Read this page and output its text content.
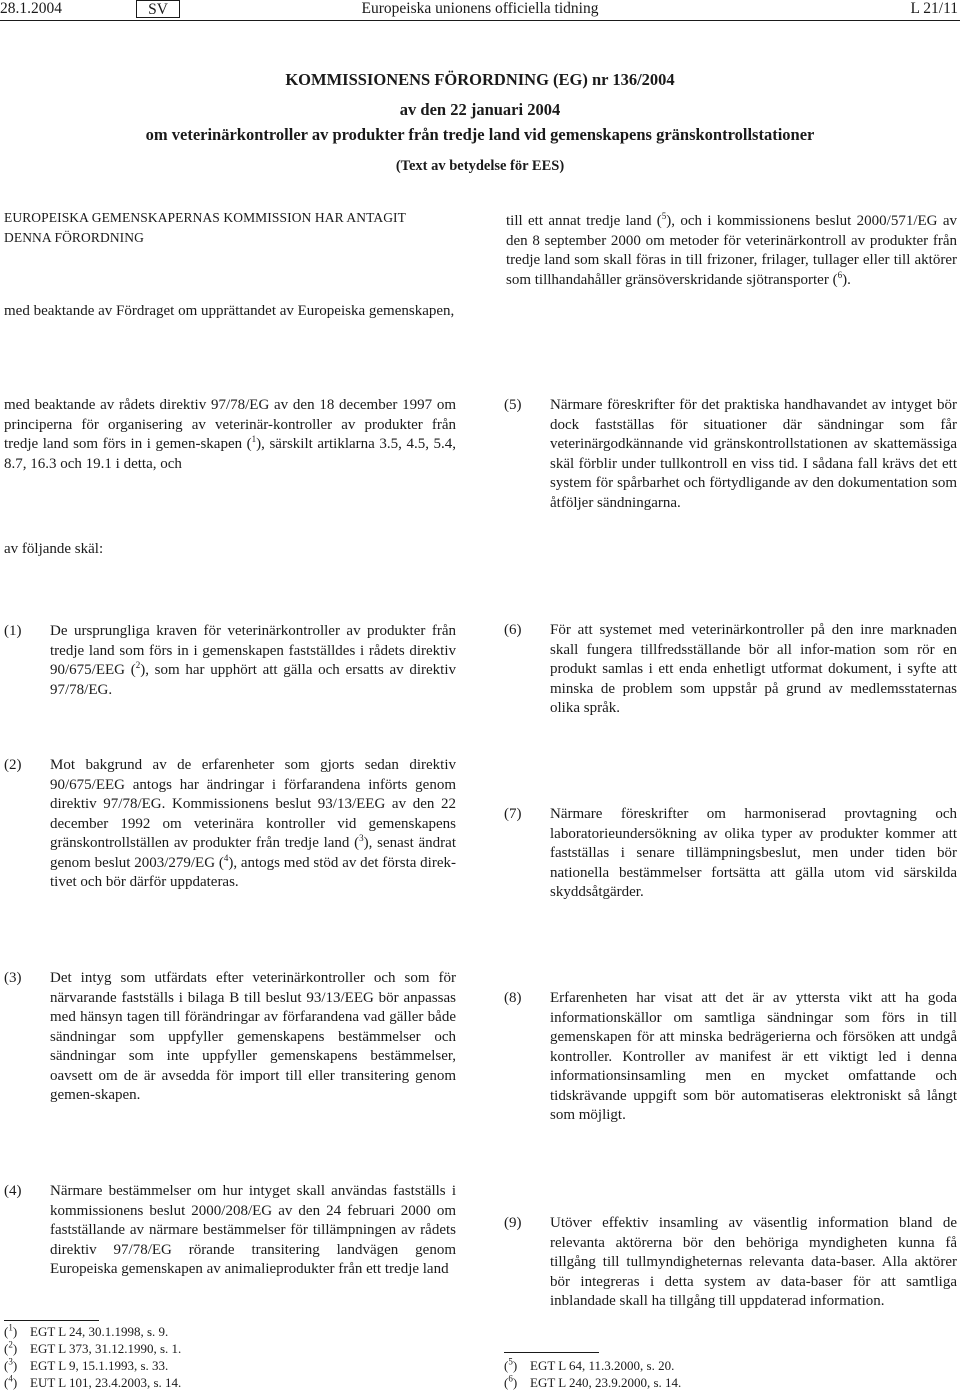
28.1.2004	SV	Europeiska unionens officiella tidning	L 21/11
KOMMISSIONENS FÖRORDNING (EG) nr 136/2004
av den 22 januari 2004
om veterinärkontroller av produkter från tredje land vid gemenskapens gränskontrollstationer
(Text av betydelse för EES)
EUROPEISKA GEMENSKAPERNAS KOMMISSION HAR ANTAGIT
DENNA FÖRORDNING
med beaktande av Fördraget om upprättandet av Europeiska gemenskapen,
till ett annat tredje land ($^5$), och i kommissionens beslut 2000/571/EG av den 8 september 2000 om metoder för veterinärkontroll av produkter från tredje land som skall föras in till frizoner, frilager, tullager eller till aktörer som tillhandahåller gränsöverskridande sjötransporter ($^6$).
med beaktande av rådets direktiv 97/78/EG av den 18 december 1997 om principerna för organisering av veterinär-kontroller av produkter från tredje land som förs in i gemen-skapen ($^1$), särskilt artiklarna 3.5, 4.5, 5.4, 8.7, 16.3 och 19.1 i detta, och
av följande skäl:
(5) Närmare föreskrifter för det praktiska handhavandet av intyget bör dock fastställas för situationer där sändningar som får veterinärgodkännande vid gränskontrollstationen av skattemässiga skäl förblir under tullkontroll en viss tid. I sådana fall krävs det ett system för spårbarhet och förtydligande av den dokumentation som åtföljer sändningarna.
(1) De ursprungliga kraven för veterinärkontroller av produkter från tredje land som förs in i gemenskapen fastställdes i rådets direktiv 90/675/EEG ($^2$), som har upphört att gälla och ersatts av direktiv 97/78/EG.
(6) För att systemet med veterinärkontroller på den inre marknaden skall fungera tillfredsställande bör all infor-mation som rör en produkt samlas i ett enda enhetligt utformat dokument, i syfte att minska de problem som uppstår på grund av medlemsstaternas olika språk.
(2) Mot bakgrund av de erfarenheter som gjorts sedan direktiv 90/675/EEG antogs har ändringar i förfarandena införts genom direktiv 97/78/EG. Kommissionens beslut 93/13/EEG av den 22 december 1992 om veterinära kontroller vid gemenskapens gränskontrollställen av produkter från tredje land ($^3$), senast ändrat genom beslut 2003/279/EG ($^4$), antogs med stöd av det första direk-tivet och bör därför uppdateras.
(7) Närmare föreskrifter om harmoniserad provtagning och laboratorieundersökning av olika typer av produkter kommer att fastställas i senare tillämpningsbeslut, men under tiden bör nationella bestämmelser fortsätta att gälla utom vid särskilda skyddsåtgärder.
(3) Det intyg som utfärdats efter veterinärkontroller och som för närvarande fastställs i bilaga B till beslut 93/13/EEG bör anpassas med hänsyn tagen till förändringar av förfarandena vad gäller både sändningar som uppfyller gemenskapens bestämmelser och sändningar som inte uppfyller gemenskapens bestämmelser, oavsett om de är avsedda för import till eller transitering genom gemen-skapen.
(8) Erfarenheten har visat att det är av yttersta vikt att ha goda informationskällor om samtliga sändningar som förs in till gemenskapen för att minska bedrägerierna och försöken att undgå kontroller. Kontroller av manifest är ett viktigt led i denna informationsinsamling men en mycket omfattande och tidskrävande uppgift som bör automatiseras elektroniskt så långt som möjligt.
(4) Närmare bestämmelser om hur intyget skall användas fastställs i kommissionens beslut 2000/208/EG av den 24 februari 2000 om fastställande av närmare bestämmelser för tillämpningen av rådets direktiv 97/78/EG rörande transitering landvägen genom Europeiska gemenskapen av animalieprodukter från ett tredje land
(9) Utöver effektiv insamling av väsentlig information bland de relevanta aktörerna bör den behöriga myndigheten kunna få tillgång till tullmyndigheternas relevanta data-baser. Alla aktörer bör integreras i detta system av data-baser för att samtliga inblandade skall ha tillgång till uppdaterad information.
($^1$) EGT L 24, 30.1.1998, s. 9.
($^2$) EGT L 373, 31.12.1990, s. 1.
($^3$) EGT L 9, 15.1.1993, s. 33.
($^4$) EUT L 101, 23.4.2003, s. 14.
($^5$) EGT L 64, 11.3.2000, s. 20.
($^6$) EGT L 240, 23.9.2000, s. 14.
